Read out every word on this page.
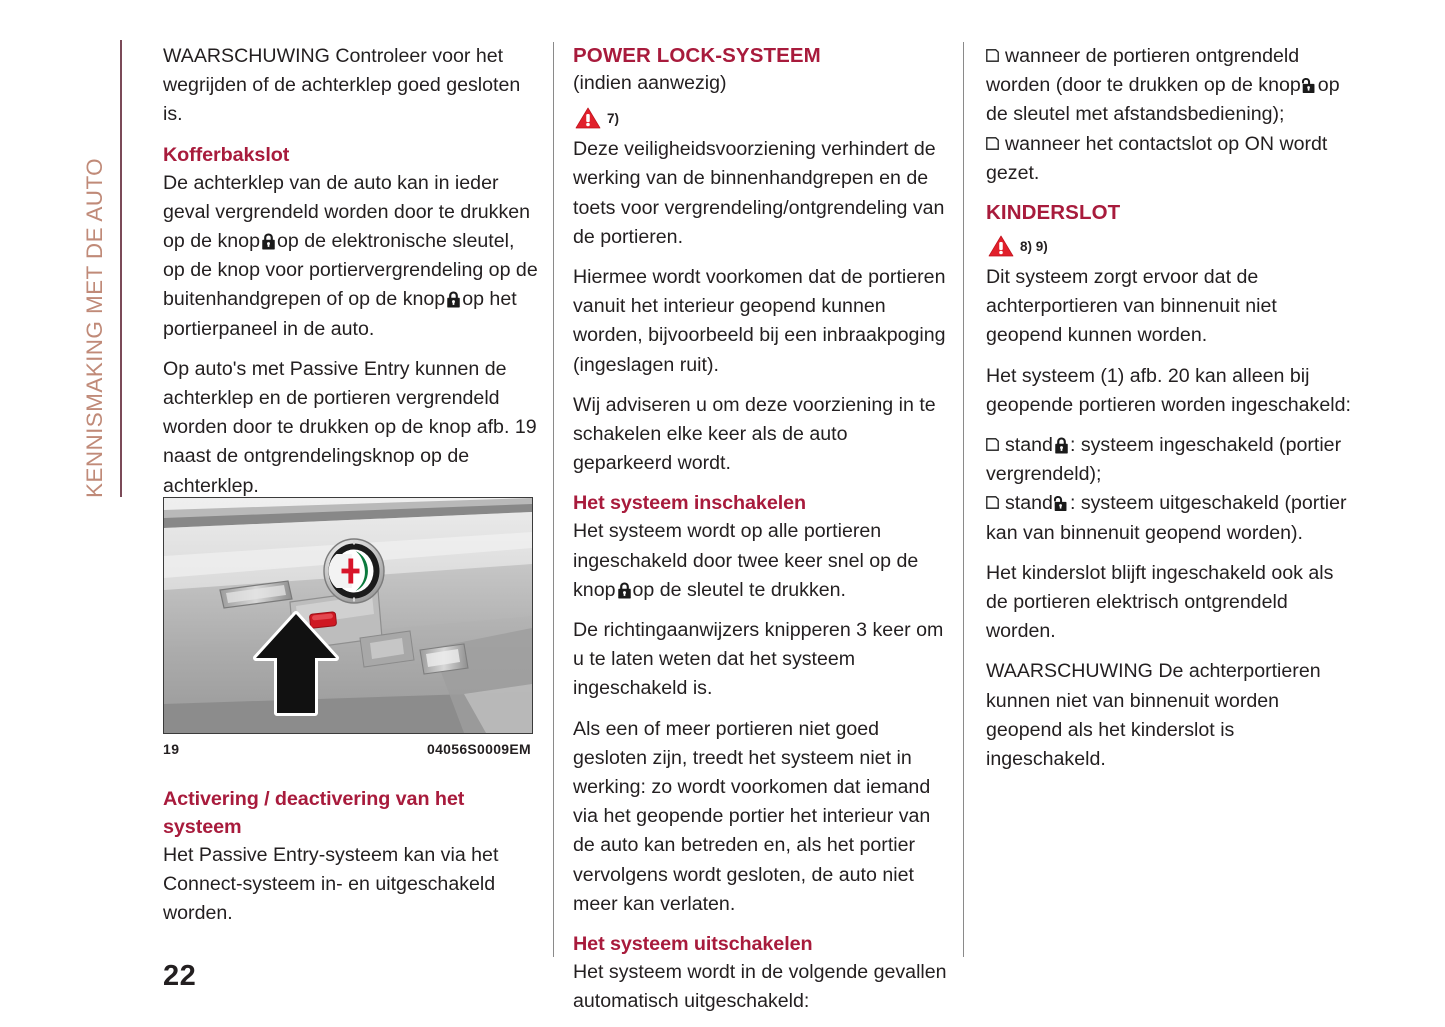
KENNISMAKING MET DE AUTO

WAARSCHUWING Controleer voor het wegrijden of de achterklep goed gesloten is.

Kofferbakslot

De achterklep van de auto kan in ieder geval vergrendeld worden door te drukken op de knop op de elektronische sleutel, op de knop voor portiervergrendeling op de buitenhandgrepen of op de knop op het portierpaneel in de auto.

Op auto's met Passive Entry kunnen de achterklep en de portieren vergrendeld worden door te drukken op de knop afb. 19 naast de ontgrendelingsknop op de achterklep.

19	04056S0009EM
Activering / deactivering van het systeem

Het Passive Entry-systeem kan via het Connect-systeem in- en uitgeschakeld worden.

POWER LOCK-SYSTEEM

(indien aanwezig)

7)

Deze veiligheidsvoorziening verhindert de werking van de binnenhandgrepen en de toets voor vergrendeling/ontgrendeling van de portieren.

Hiermee wordt voorkomen dat de portieren vanuit het interieur geopend kunnen worden, bijvoorbeeld bij een inbraakpoging (ingeslagen ruit).

Wij adviseren u om deze voorziening in te schakelen elke keer als de auto geparkeerd wordt.

Het systeem inschakelen

Het systeem wordt op alle portieren ingeschakeld door twee keer snel op de knop op de sleutel te drukken.

De richtingaanwijzers knipperen 3 keer om u te laten weten dat het systeem ingeschakeld is.

Als een of meer portieren niet goed gesloten zijn, treedt het systeem niet in werking: zo wordt voorkomen dat iemand via het geopende portier het interieur van de auto kan betreden en, als het portier vervolgens wordt gesloten, de auto niet meer kan verlaten.

Het systeem uitschakelen

Het systeem wordt in de volgende gevallen automatisch uitgeschakeld:

wanneer de portieren ontgrendeld worden (door te drukken op de knop op de sleutel met afstandsbediening);

wanneer het contactslot op ON wordt gezet.

KINDERSLOT
8) 9)

Dit systeem zorgt ervoor dat de achterportieren van binnenuit niet geopend kunnen worden.

Het systeem (1) afb. 20 kan alleen bij geopende portieren worden ingeschakeld:

stand : systeem ingeschakeld (portier vergrendeld);

stand : systeem uitgeschakeld (portier kan van binnenuit geopend worden).

Het kinderslot blijft ingeschakeld ook als de portieren elektrisch ontgrendeld worden.

WAARSCHUWING De achterportieren kunnen niet van binnenuit worden geopend als het kinderslot is ingeschakeld.

22
